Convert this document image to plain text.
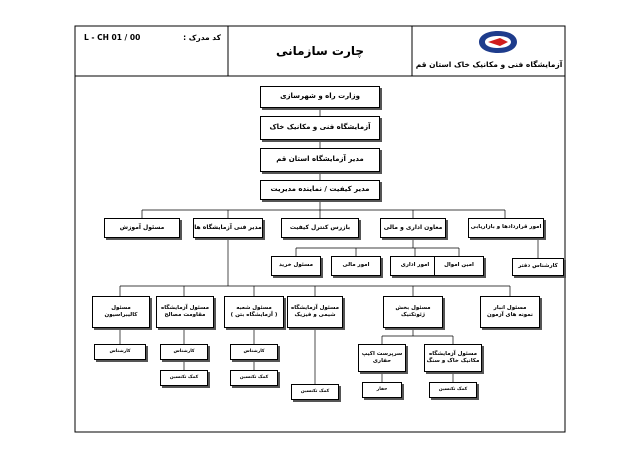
L - CH 01 / 00	کد مدرک :
چارت سازمانی
آزمایشگاه فنی و مکانیک خاک استان قم
وزارت راه و شهرسازی
آزمایشگاه فنی و مکانیک خاک
مدیر آزمایشگاه استان قم
مدیر کیفیت / نماینده مدیریت
مسئول آموزش	مدیر فنی آزمایشگاه ها	بازرس کنترل کیفیت	معاون اداری و مالی	امور قراردادها و بازاریابی
مسئول خرید	امور مالی	امور اداری	امین اموال	کارشناس دفتر
مسئول
کالیبراسیون
مسئول آزمایشگاه
مقاومت مصالح
مسئول شعبه
( آزمایشگاه بتن )
مسئول آزمایشگاه
شیمی و فیزیک
مسئول بخش
ژئوتکنیک
مسئول انبار
نمونه های آزمون
سرپرست اکیپ
حفاری
مسئول آزمایشگاه
مکانیک خاک و سنگ
کارشناس	کارشناس
کمک تکنسین
کارشناس
کمک تکنسین
کمک تکنسین	حفار	کمک تکنسین
